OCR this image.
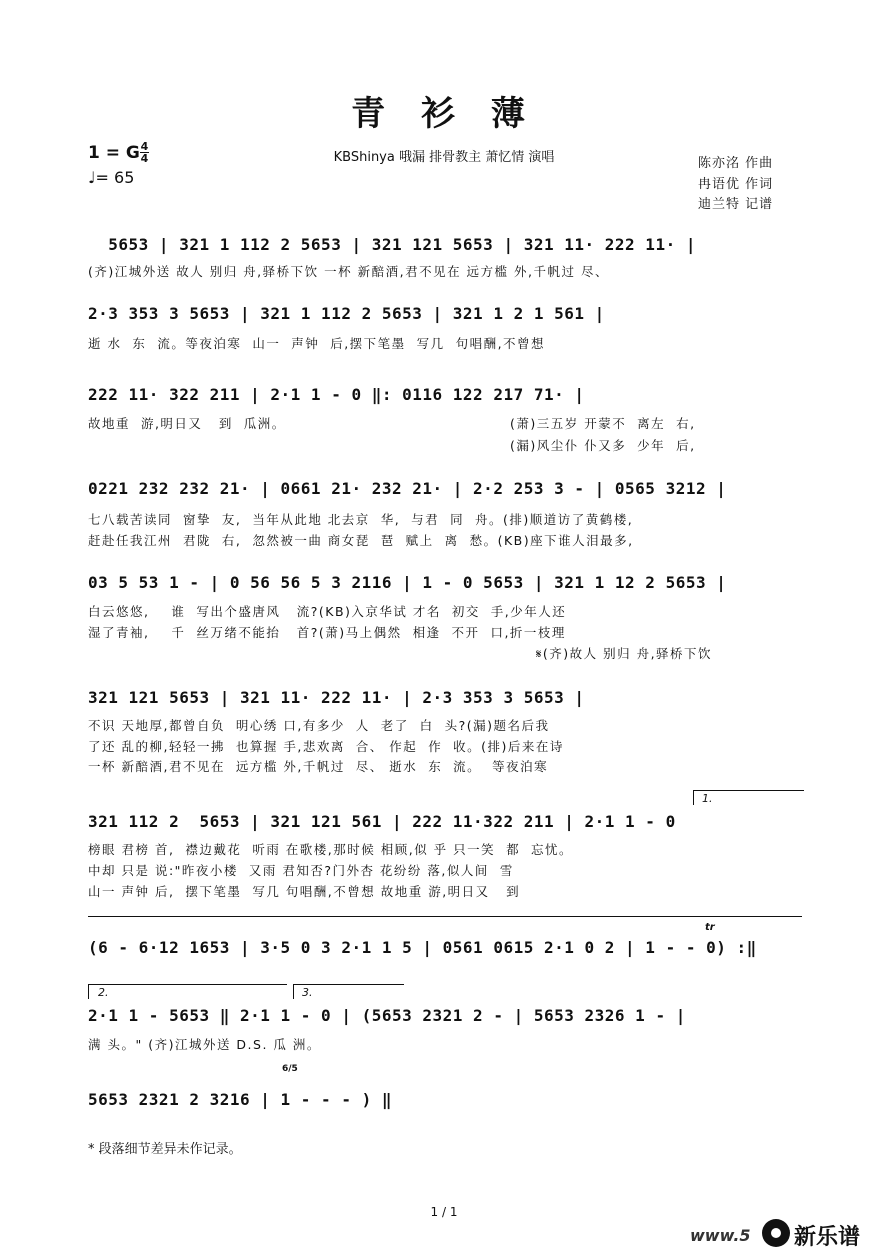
青 衫 薄
1 = G 4
4
♩= 65
KBShinya 哦漏 排骨教主 萧忆情 演唱	陈亦洺 作曲
冉语优 作词
迪兰特 记谱
5653 | 321 1 112 2 5653 | 321 121 5653 | 321 11· 222 11· |
(齐)江城外送 故人 别归 舟,驿桥下饮 一杯 新醅酒,君不见在 远方槛 外,千帆过 尽、
2·3 353 3 5653 | 321 1 112 2 5653 | 321 1 2 1 561 |
逝 水  东  流。等夜泊寒  山一  声钟  后,摆下笔墨  写几  句唱酬,不曾想
222 11· 322 211 | 2·1 1 - 0 ‖: 0116 122 217 71· |
故地重  游,明日又   到  瓜洲。	(萧)三五岁 开蒙不  离左  右,
(漏)风尘仆 仆又多  少年  后,
0221 232 232 21· | 0661 21· 232 21· | 2·2 253 3 - | 0565 3212 |
七八载苦读同  窗挚  友,  当年从此地 北去京  华,  与君  同  舟。(排)顺道访了黄鹤楼,
赶赴任我江州  君陇  右,  忽然被一曲 商女琵  琶  赋上  离  愁。(KB)座下谁人泪最多,
03 5 53 1 - | 0 56 56 5 3 2116 | 1 - 0 5653 | 321 1 12 2 5653 |
白云悠悠,    谁  写出个盛唐风   流?(KB)入京华试 才名  初交  手,少年人还
湿了青袖,    千  丝万绪不能抬   首?(萧)马上偶然  相逢  不开  口,折一枝理
𝄋(齐)故人 别归 舟,驿桥下饮
321 121 5653 | 321 11· 222 11· | 2·3 353 3 5653 |
不识 天地厚,都曾自负  明心绣 口,有多少  人  老了  白  头?(漏)题名后我
了还 乱的柳,轻轻一拂  也算握 手,悲欢离  合、 作起  作  收。(排)后来在诗
一杯 新醅酒,君不见在  远方槛 外,千帆过  尽、 逝水  东  流。  等夜泊寒
1.
321 112 2  5653 | 321 121 561 | 222 11·322 211 | 2·1 1 - 0
榜眼 君榜 首,  襟边戴花  听雨 在歌楼,那时候 相顾,似 乎 只一笑  都  忘忧。
中却 只是 说:"昨夜小楼  又雨 君知否?门外杏 花纷纷 落,似人间  雪
山一 声钟 后,  摆下笔墨  写几 句唱酬,不曾想 故地重 游,明日又   到
tr
(6 - 6·12 1653 | 3·5 0 3 2·1 1 5 | 0561 0615 2·1 0 2 | 1 - - 0) :‖
2.	3.
2·1 1 - 5653 ‖ 2·1 1 - 0 | (5653 2321 2 - | 5653 2326 1 - |
满 头。" (齐)江城外送 D.S. 瓜 洲。
6/5
5653 2321 2 3216 | 1 - - - ) ‖
* 段落细节差异未作记录。
1 / 1
www.5 新乐谱
